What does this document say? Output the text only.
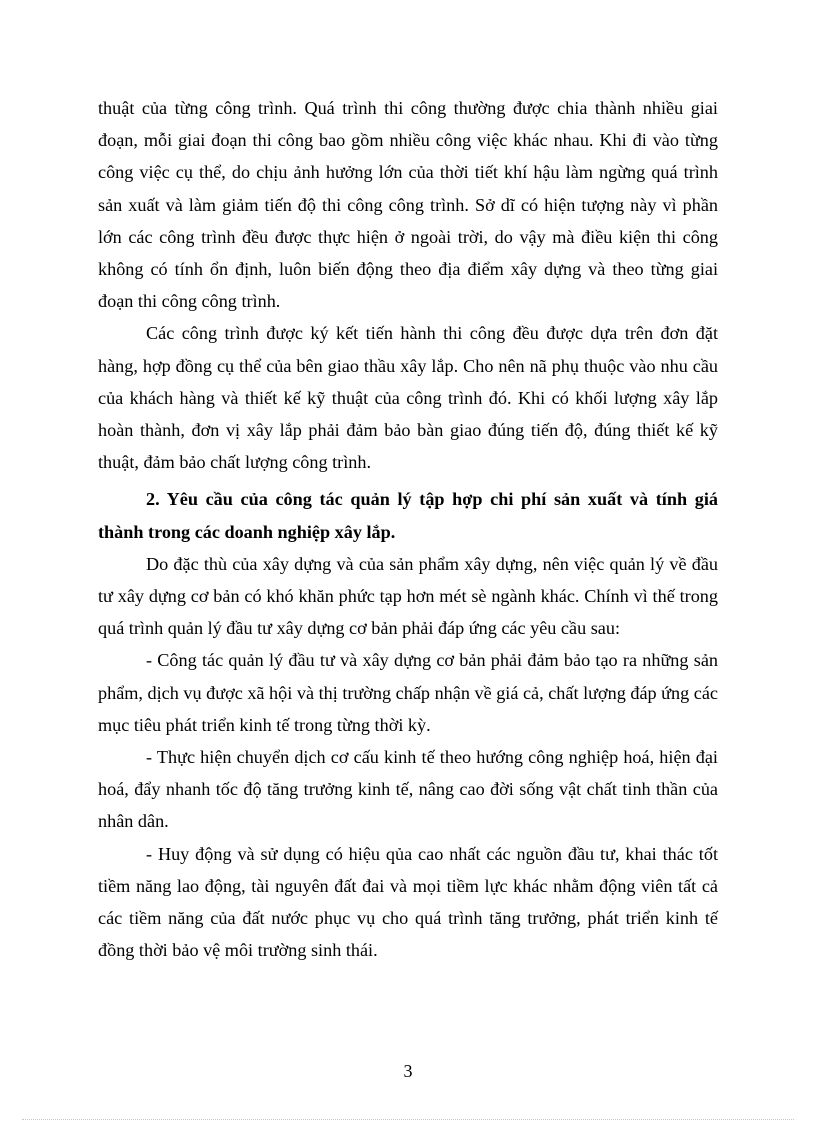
thuật của từng công trình. Quá trình thi công thường được chia thành nhiều giai đoạn, mỗi giai đoạn thi công bao gồm nhiều công việc khác nhau. Khi đi vào từng công việc cụ thể, do chịu ảnh hưởng lớn của thời tiết khí hậu làm ngừng quá trình sản xuất và làm giảm tiến độ thi công công trình. Sở dĩ có hiện tượng này vì phần lớn các công trình đều được thực hiện ở ngoài trời, do vậy mà điều kiện thi công không có tính ổn định, luôn biến động theo địa điểm xây dựng và theo từng giai đoạn thi công công trình.

Các công trình được ký kết tiến hành thi công đều được dựa trên đơn đặt hàng, hợp đồng cụ thể của bên giao thầu xây lắp. Cho nên nã phụ thuộc vào nhu cầu của khách hàng và thiết kế kỹ thuật của công trình đó. Khi có khối lượng xây lắp hoàn thành, đơn vị xây lắp phải đảm bảo bàn giao đúng tiến độ, đúng thiết kế kỹ thuật, đảm bảo chất lượng công trình.

2. Yêu cầu của công tác quản lý tập hợp chi phí sản xuất và tính giá thành trong các doanh nghiệp xây lắp.

Do đặc thù của xây dựng và của sản phẩm xây dựng, nên việc quản lý về đầu tư xây dựng cơ bản có khó khăn phức tạp hơn mét sè ngành khác. Chính vì thế trong quá trình quản lý đầu tư xây dựng cơ bản phải đáp ứng các yêu cầu sau:

- Công tác quản lý đầu tư và xây dựng cơ bản phải đảm bảo tạo ra những sản phẩm, dịch vụ được xã hội và thị trường chấp nhận về giá cả, chất lượng đáp ứng các mục tiêu phát triển kinh tế trong từng thời kỳ.

- Thực hiện chuyển dịch cơ cấu kinh tế theo hướng công nghiệp hoá, hiện đại hoá, đẩy nhanh tốc độ tăng trưởng kinh tế, nâng cao đời sống vật chất tinh thần của nhân dân.

- Huy động và sử dụng có hiệu qủa cao nhất các nguồn đầu tư, khai thác tốt tiềm năng lao động, tài nguyên đất đai và mọi tiềm lực khác nhằm động viên tất cả các tiềm năng của đất nước phục vụ cho quá trình tăng trưởng, phát triển kinh tế đồng thời bảo vệ môi trường sinh thái.

3
